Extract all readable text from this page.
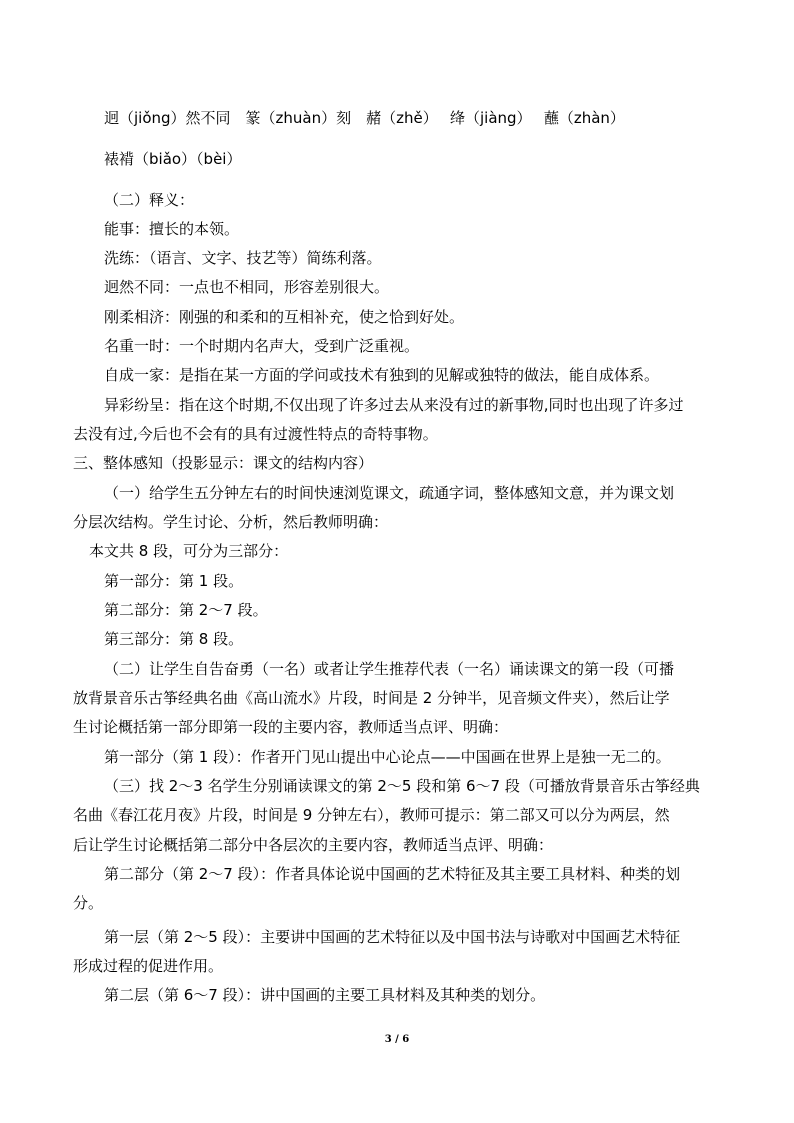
迥（jiǒng）然不同　篆（zhuàn）刻　赭（zhě）　 绛（jiàng）　 蘸（zhàn）
裱褙（biǎo）（bèi）
（二）释义：
能事：擅长的本领。
洗练：（语言、文字、技艺等）简练利落。
迥然不同：一点也不相同，形容差别很大。
刚柔相济：刚强的和柔和的互相补充，使之恰到好处。
名重一时：一个时期内名声大，受到广泛重视。
自成一家：是指在某一方面的学问或技术有独到的见解或独特的做法，能自成体系。
异彩纷呈：指在这个时期,不仅出现了许多过去从来没有过的新事物,同时也出现了许多过
去没有过,今后也不会有的具有过渡性特点的奇特事物。
三、整体感知（投影显示：课文的结构内容）
（一）给学生五分钟左右的时间快速浏览课文，疏通字词，整体感知文意，并为课文划
分层次结构。学生讨论、分析，然后教师明确：
本文共 8 段，可分为三部分：
第一部分：第 1 段。
第二部分：第 2～7 段。
第三部分：第 8 段。
（二）让学生自告奋勇（一名）或者让学生推荐代表（一名）诵读课文的第一段（可播
放背景音乐古筝经典名曲《高山流水》片段，时间是 2 分钟半，见音频文件夹），然后让学
生讨论概括第一部分即第一段的主要内容，教师适当点评、明确：
第一部分（第 1 段）：作者开门见山提出中心论点——中国画在世界上是独一无二的。
（三）找 2～3 名学生分别诵读课文的第 2～5 段和第 6～7 段（可播放背景音乐古筝经典
名曲《春江花月夜》片段，时间是 9 分钟左右），教师可提示：第二部又可以分为两层，然
后让学生讨论概括第二部分中各层次的主要内容，教师适当点评、明确：
第二部分（第 2～7 段）：作者具体论说中国画的艺术特征及其主要工具材料、种类的划
分。
第一层（第 2～5 段）：主要讲中国画的艺术特征以及中国书法与诗歌对中国画艺术特征
形成过程的促进作用。
第二层（第 6～7 段）：讲中国画的主要工具材料及其种类的划分。
3 / 6
